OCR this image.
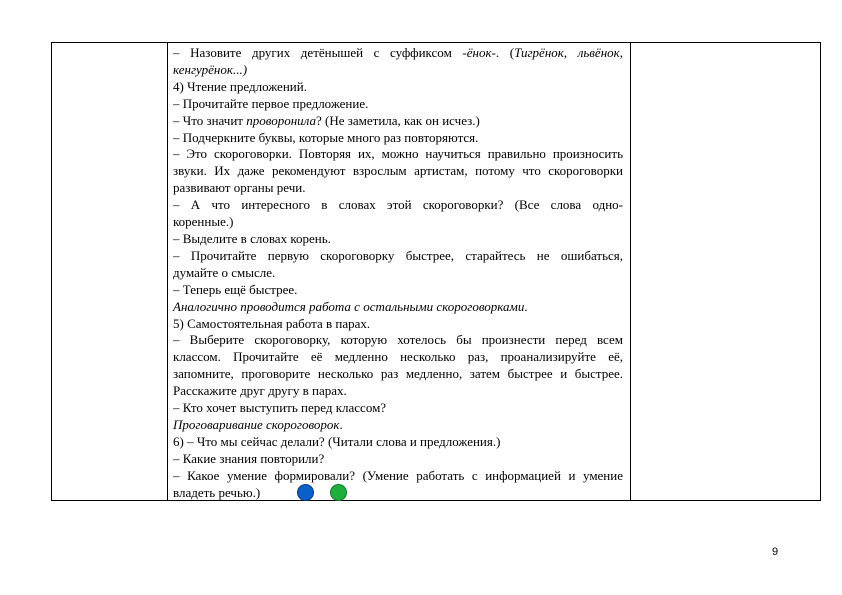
– Назовите других детёнышей с суффиксом -ёнок-. (Тигрёнок, львёнок,
кенгурёнок...)
4) Чтение предложений.
– Прочитайте первое предложение.
– Что значит проворонила? (Не заметила, как он исчез.)
– Подчеркните буквы, которые много раз повторяются.
– Это скороговорки. Повторяя их, можно научиться правильно произносить
звуки. Их даже рекомендуют взрослым артистам, потому что скороговорки
развивают органы речи.
– А что интересного в словах этой скороговорки? (Все слова одно-
коренные.)
– Выделите в словах корень.
– Прочитайте первую скороговорку быстрее, старайтесь не ошибаться,
думайте о смысле.
– Теперь ещё быстрее.
Аналогично проводится работа с остальными скороговорками.
5) Самостоятельная работа в парах.
– Выберите скороговорку, которую хотелось бы произнести перед всем
классом. Прочитайте её медленно несколько раз, проанализируйте её,
запомните, проговорите несколько раз медленно, затем быстрее и быстрее.
Расскажите друг другу в парах.
– Кто хочет выступить перед классом?
Проговаривание скороговорок.
6) – Что мы сейчас делали? (Читали слова и предложения.)
– Какие знания повторили?
– Какое умение формировали? (Умение работать с информацией и умение
владеть речью.)
9
